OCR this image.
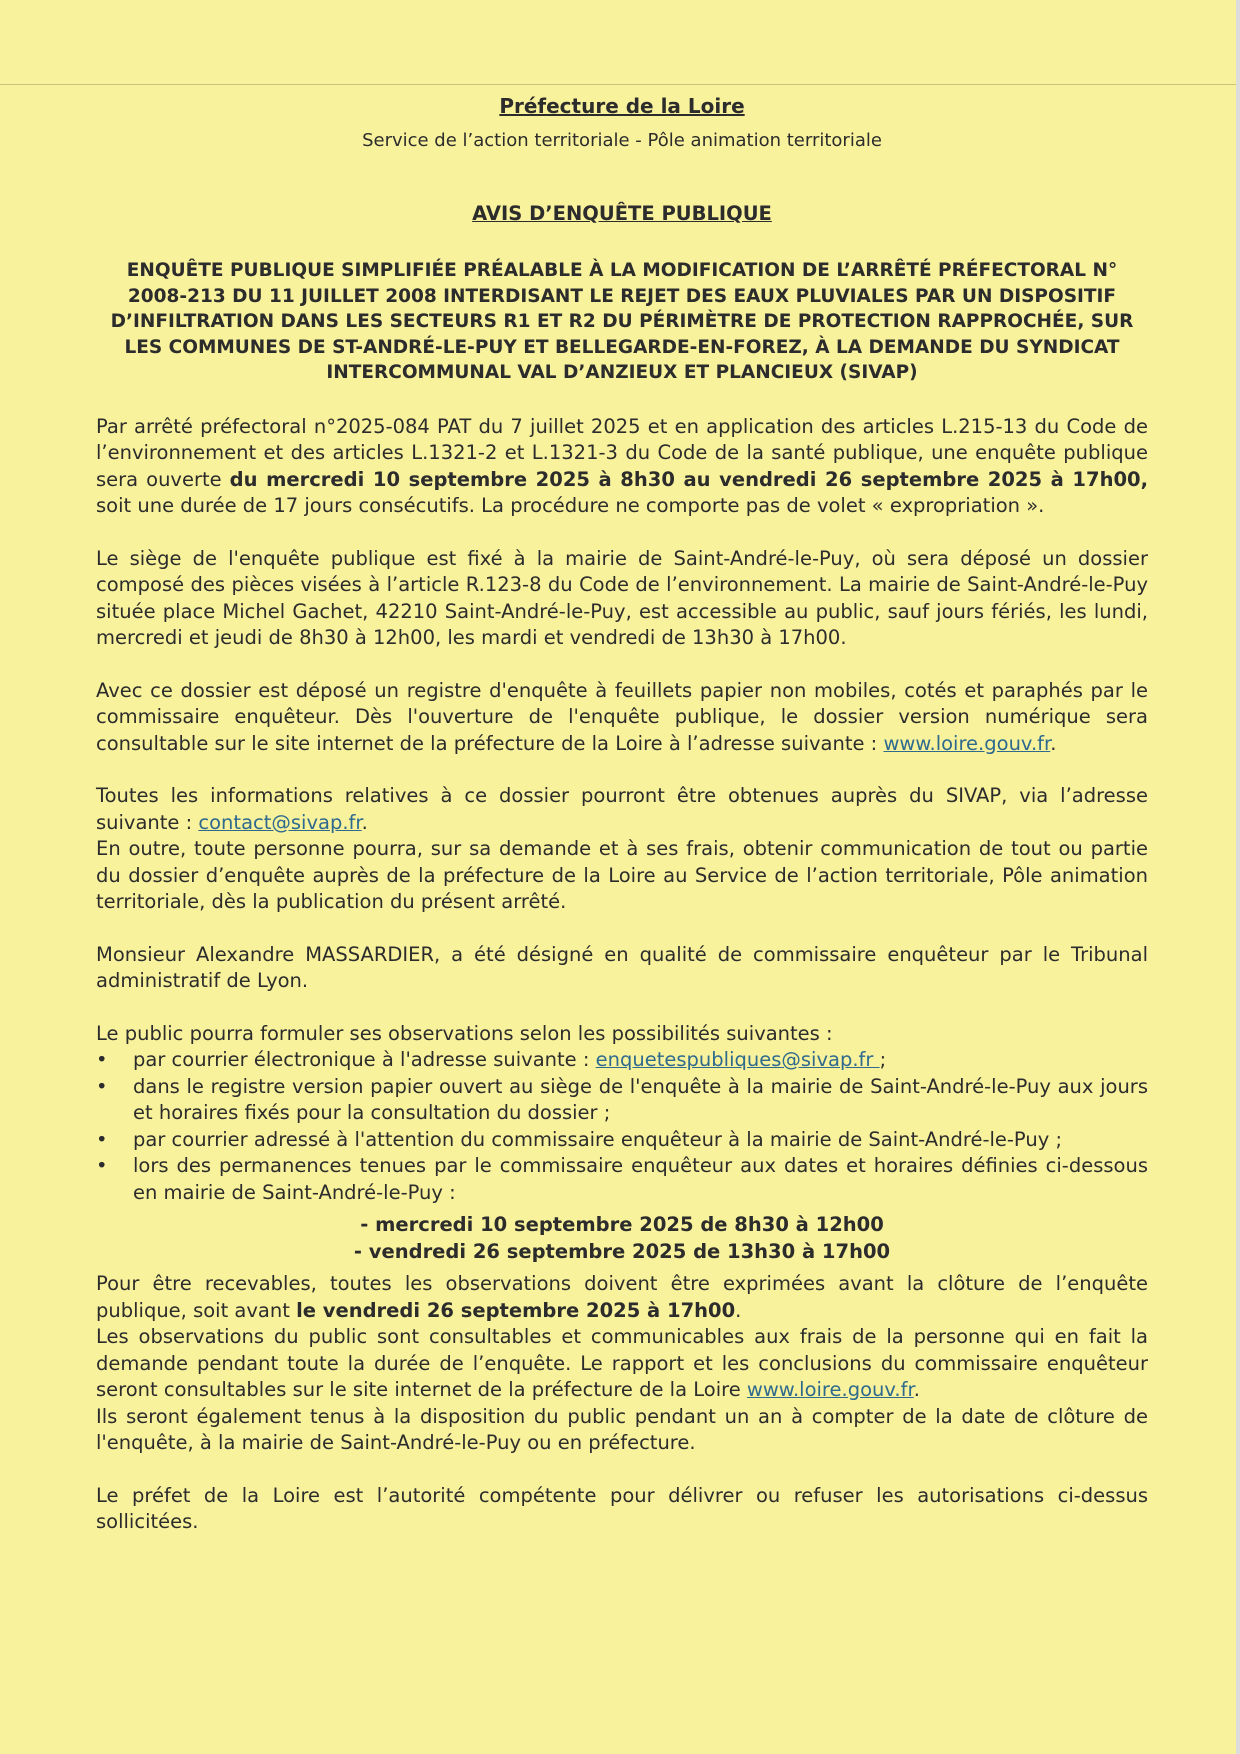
Préfecture de la Loire

Service de l’action territoriale - Pôle animation territoriale

AVIS D’ENQUÊTE PUBLIQUE

ENQUÊTE PUBLIQUE SIMPLIFIÉE PRÉALABLE À LA MODIFICATION DE L’ARRÊTÉ PRÉFECTORAL N° 2008-213 DU 11 JUILLET 2008 INTERDISANT LE REJET DES EAUX PLUVIALES PAR UN DISPOSITIF D’INFILTRATION DANS LES SECTEURS R1 ET R2 DU PÉRIMÈTRE DE PROTECTION RAPPROCHÉE, SUR LES COMMUNES DE ST-ANDRÉ-LE-PUY ET BELLEGARDE-EN-FOREZ, À LA DEMANDE DU SYNDICAT INTERCOMMUNAL VAL D’ANZIEUX ET PLANCIEUX (SIVAP)

Par arrêté préfectoral n°2025-084 PAT du 7 juillet 2025 et en application des articles L.215-13 du Code de l’environnement et des articles L.1321-2 et L.1321-3 du Code de la santé publique, une enquête publique sera ouverte du mercredi 10 septembre 2025 à 8h30 au vendredi 26 septembre 2025 à 17h00, soit une durée de 17 jours consécutifs. La procédure ne comporte pas de volet « expropriation ».

Le siège de l'enquête publique est fixé à la mairie de Saint-André-le-Puy, où sera déposé un dossier composé des pièces visées à l’article R.123-8 du Code de l’environnement. La mairie de Saint-André-le-Puy située place Michel Gachet, 42210 Saint-André-le-Puy, est accessible au public, sauf jours fériés, les lundi, mercredi et jeudi de 8h30 à 12h00, les mardi et vendredi de 13h30 à 17h00.

Avec ce dossier est déposé un registre d'enquête à feuillets papier non mobiles, cotés et paraphés par le commissaire enquêteur. Dès l'ouverture de l'enquête publique, le dossier version numérique sera consultable sur le site internet de la préfecture de la Loire à l’adresse suivante : www.loire.gouv.fr.

Toutes les informations relatives à ce dossier pourront être obtenues auprès du SIVAP, via l’adresse suivante : contact@sivap.fr.

En outre, toute personne pourra, sur sa demande et à ses frais, obtenir communication de tout ou partie du dossier d’enquête auprès de la préfecture de la Loire au Service de l’action territoriale, Pôle animation territoriale, dès la publication du présent arrêté.

Monsieur Alexandre MASSARDIER, a été désigné en qualité de commissaire enquêteur par le Tribunal administratif de Lyon.

Le public pourra formuler ses observations selon les possibilités suivantes :

• par courrier électronique à l'adresse suivante : enquetespubliques@sivap.fr ;
• dans le registre version papier ouvert au siège de l'enquête à la mairie de Saint-André-le-Puy aux jours et horaires fixés pour la consultation du dossier ;
• par courrier adressé à l'attention du commissaire enquêteur à la mairie de Saint-André-le-Puy ;
• lors des permanences tenues par le commissaire enquêteur aux dates et horaires définies ci-dessous en mairie de Saint-André-le-Puy :
- mercredi 10 septembre 2025 de 8h30 à 12h00
- vendredi 26 septembre 2025 de 13h30 à 17h00

Pour être recevables, toutes les observations doivent être exprimées avant la clôture de l’enquête publique, soit avant le vendredi 26 septembre 2025 à 17h00.

Les observations du public sont consultables et communicables aux frais de la personne qui en fait la demande pendant toute la durée de l’enquête. Le rapport et les conclusions du commissaire enquêteur seront consultables sur le site internet de la préfecture de la Loire www.loire.gouv.fr.

Ils seront également tenus à la disposition du public pendant un an à compter de la date de clôture de l'enquête, à la mairie de Saint-André-le-Puy ou en préfecture.

Le préfet de la Loire est l’autorité compétente pour délivrer ou refuser les autorisations ci-dessus sollicitées.
